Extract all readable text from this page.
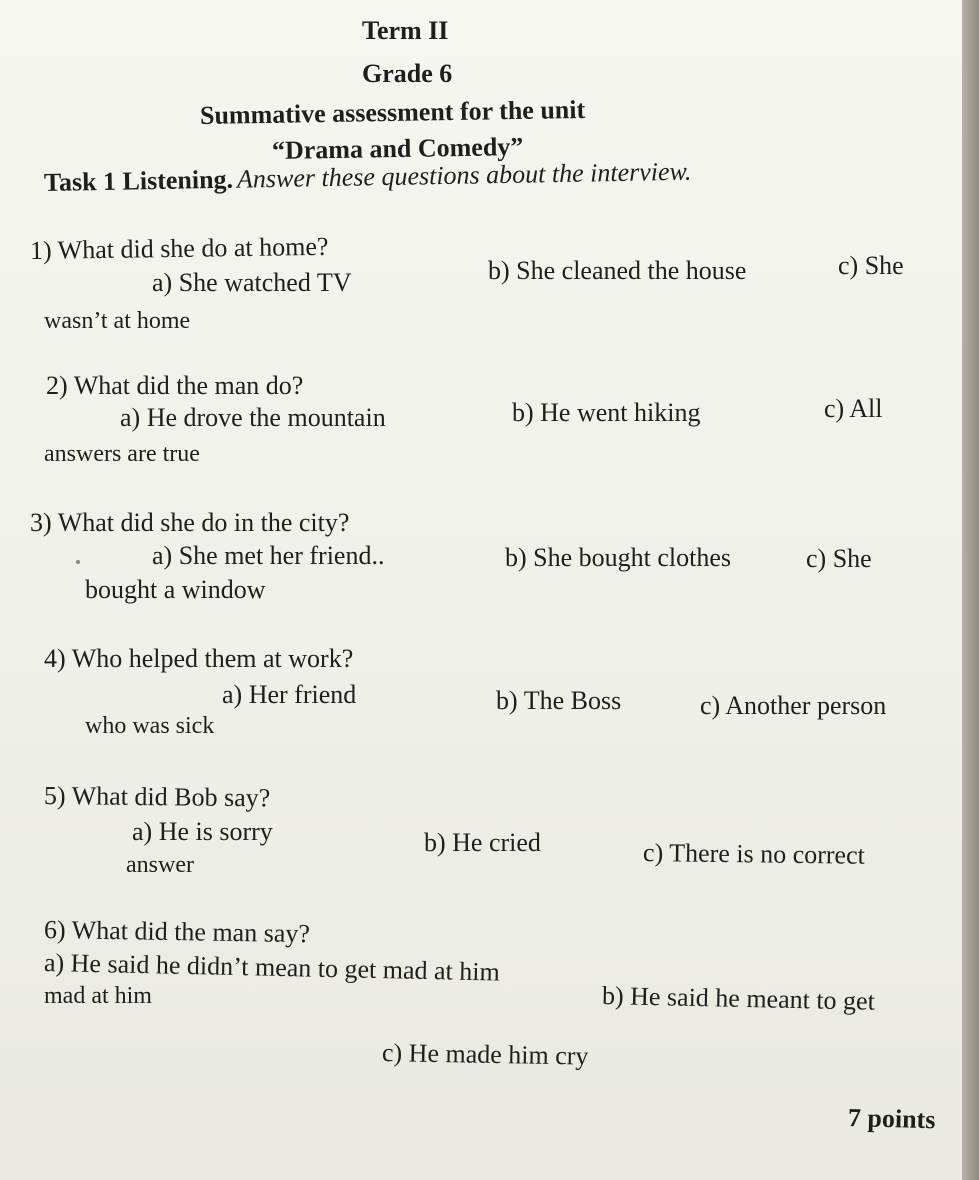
Term II
Grade 6
Summative assessment for the unit
“Drama and Comedy”
Task 1 Listening. Answer these questions about the interview.
1) What did she do at home?
a) She watched TV	b) She cleaned the house	c) She
wasn’t at home
2) What did the man do?
a) He drove the mountain	b) He went hiking	c) All
answers are true
3) What did she do in the city?
a) She met her friend..	b) She bought clothes	c) She
bought a window
4) Who helped them at work?
a) Her friend	b) The Boss	c) Another person
who was sick
5) What did Bob say?
a) He is sorry	b) He cried	c) There is no correct
answer
6) What did the man say?
a) He said he didn’t mean to get mad at him
b) He said he meant to get
mad at him
c) He made him cry
7 points
